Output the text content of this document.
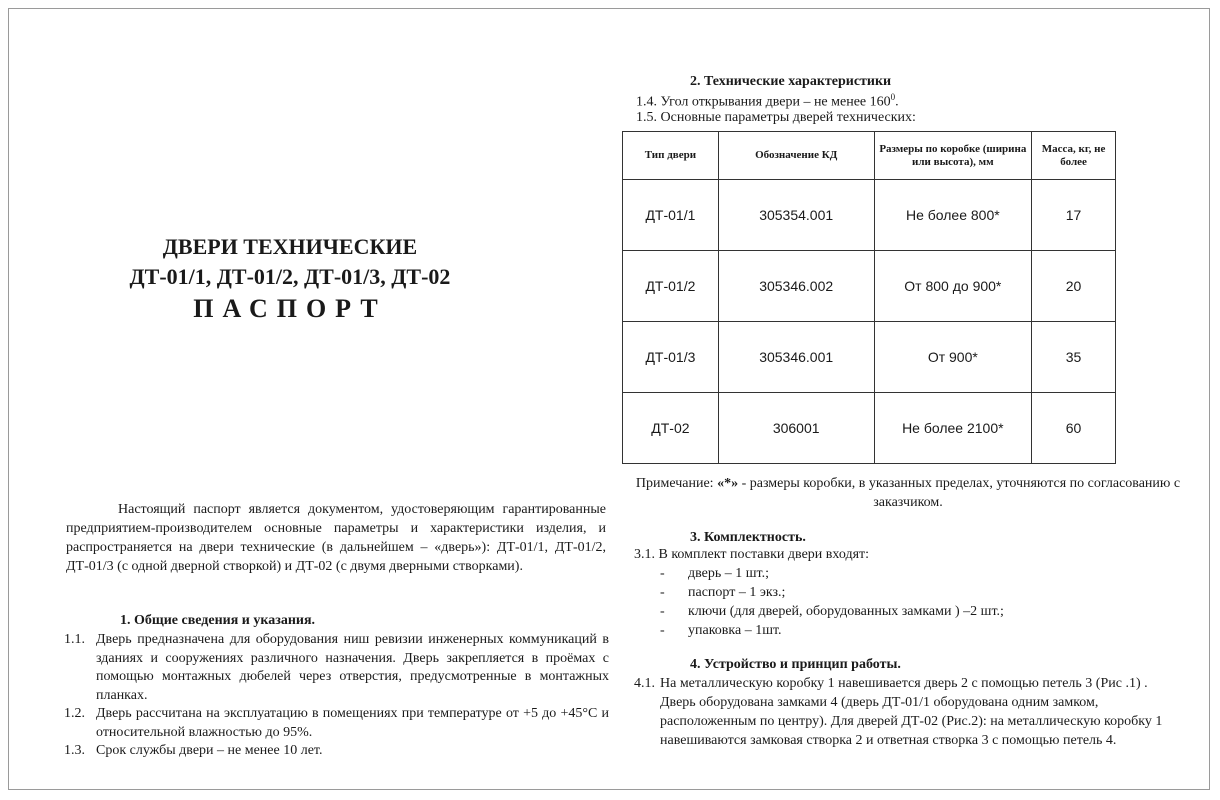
ДВЕРИ ТЕХНИЧЕСКИЕ
ДТ-01/1, ДТ-01/2, ДТ-01/3, ДТ-02
ПАСПОРТ

Настоящий паспорт является документом, удостоверяющим гарантированные предприятием-производителем основные параметры и характеристики изделия, и распространяется на двери технические (в дальнейшем – «дверь»): ДТ-01/1, ДТ-01/2, ДТ-01/3 (с одной дверной створкой) и ДТ-02 (с двумя дверными створками).

1. Общие сведения и указания.
1.1. Дверь предназначена для оборудования ниш ревизии инженерных коммуникаций в зданиях и сооружениях различного назначения. Дверь закрепляется в проёмах с помощью монтажных дюбелей через отверстия, предусмотренные в монтажных планках.
1.2. Дверь рассчитана на эксплуатацию в помещениях при температуре от +5 до +45°С и относительной влажностью до 95%.
1.3. Срок службы двери – не менее 10 лет.
2. Технические характеристики
1.4. Угол открывания двери – не менее $160^0$.
1.5. Основные параметры дверей технических:
Тип двери	Обозначение КД	Размеры по коробке (ширина или высота), мм	Масса, кг, не более
ДТ-01/1	305354.001	Не более 800*	17
ДТ-01/2	305346.002	От 800 до 900*	20
ДТ-01/3	305346.001	От 900*	35
ДТ-02	306001	Не более 2100*	60
Примечание: «*» - размеры коробки, в указанных пределах, уточняются по согласованию с заказчиком.
3. Комплектность.
3.1. В комплект поставки двери входят:
-	дверь – 1 шт.;
-	паспорт – 1 экз.;
-	ключи (для дверей, оборудованных замками ) –2 шт.;
-	упаковка – 1шт.
4. Устройство и принцип работы.
4.1. На металлическую коробку 1 навешивается дверь 2 с помощью петель 3 (Рис .1) . Дверь оборудована замками 4 (дверь ДТ-01/1 оборудована одним замком, расположенным по центру). Для дверей ДТ-02 (Рис.2): на металлическую коробку 1 навешиваются замковая створка 2 и ответная створка 3 с помощью петель 4.
